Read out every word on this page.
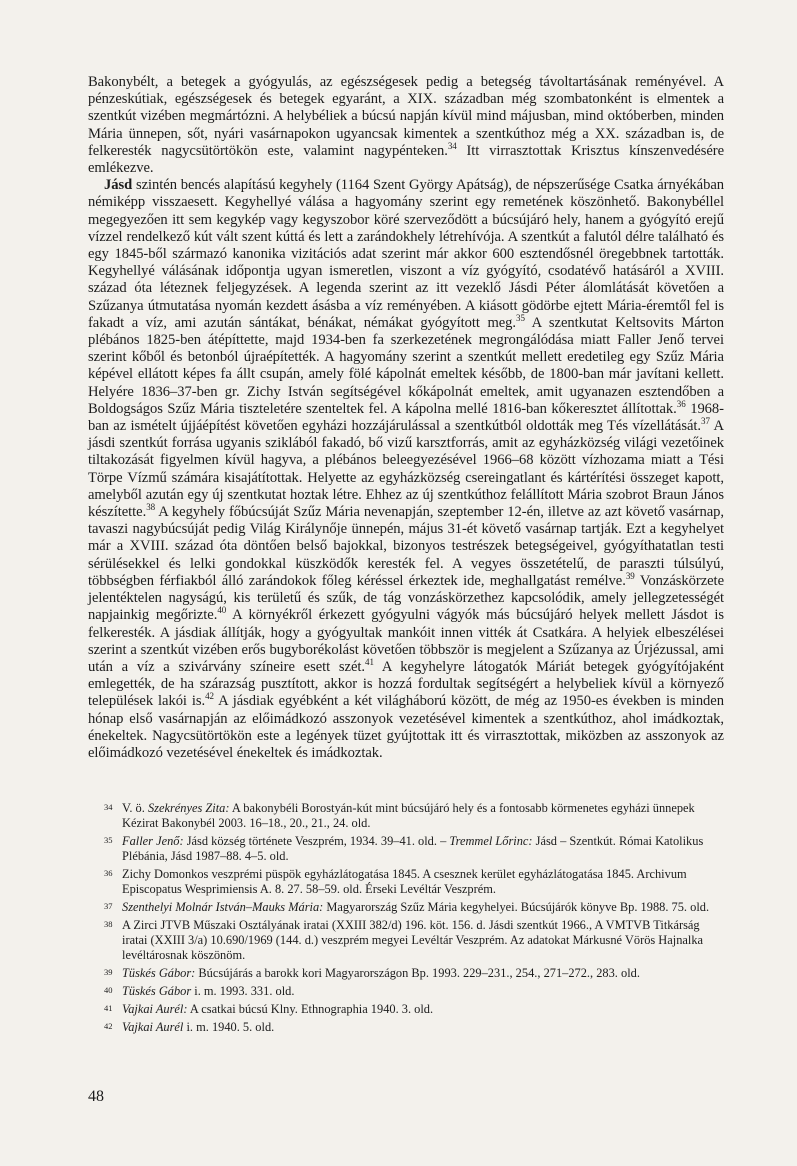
Bakonybélt, a betegek a gyógyulás, az egészségesek pedig a betegség távoltartásának reményével. A pénzeskútiak, egészségesek és betegek egyaránt, a XIX. században még szombatonként is elmentek a szentkút vizében megmártózni. A helybéliek a búcsú napján kívül mind májusban, mind októberben, minden Mária ünnepen, sőt, nyári vasárnapokon ugyancsak kimentek a szentkúthoz még a XX. században is, de felkeresték nagycsütörtökön este, valamint nagypénteken.$^{34}$ Itt virrasztottak Krisztus kínszenvedésére emlékezve.

Jásd szintén bencés alapítású kegyhely (1164 Szent György Apátság), de népszerűsége Csatka árnyékában némiképp visszaesett. Kegyhellyé válása a hagyomány szerint egy remetének köszönhető. Bakonybéllel megegyezően itt sem kegykép vagy kegyszobor köré szerveződött a búcsújáró hely, hanem a gyógyító erejű vízzel rendelkező kút vált szent kúttá és lett a zarándokhely létrehívója. A szentkút a falutól délre található és egy 1845-ből származó kanonika vizitációs adat szerint már akkor 600 esztendősnél öregebbnek tartották. Kegyhellyé válásának időpontja ugyan ismeretlen, viszont a víz gyógyító, csodatévő hatásáról a XVIII. század óta léteznek feljegyzések. A legenda szerint az itt vezeklő Jásdi Péter álomlátását követően a Szűzanya útmutatása nyomán kezdett ásásba a víz reményében. A kiásott gödörbe ejtett Mária-éremtől fel is fakadt a víz, ami azután sántákat, bénákat, némákat gyógyított meg.$^{35}$ A szentkutat Keltsovits Márton plébános 1825-ben átépíttette, majd 1934-ben fa szerkezetének megrongálódása miatt Faller Jenő tervei szerint kőből és betonból újraépítették. A hagyomány szerint a szentkút mellett eredetileg egy Szűz Mária képével ellátott képes fa állt csupán, amely fölé kápolnát emeltek később, de 1800-ban már javítani kellett. Helyére 1836–37-ben gr. Zichy István segítségével kőkápolnát emeltek, amit ugyanazen esztendőben a Boldogságos Szűz Mária tiszteletére szenteltek fel. A kápolna mellé 1816-ban kőkeresztet állítottak.$^{36}$ 1968-ban az ismételt újjáépítést követően egyházi hozzájárulással a szentkútból oldották meg Tés vízellátását.$^{37}$ A jásdi szentkút forrása ugyanis sziklából fakadó, bő vizű karsztforrás, amit az egyházközség világi vezetőinek tiltakozását figyelmen kívül hagyva, a plébános beleegyezésével 1966–68 között vízhozama miatt a Tési Törpe Vízmű számára kisajátítottak. Helyette az egyházközség csereingatlant és kártérítési összeget kapott, amelyből azután egy új szentkutat hoztak létre. Ehhez az új szentkúthoz felállított Mária szobrot Braun János készítette.$^{38}$ A kegyhely főbúcsúját Szűz Mária nevenapján, szeptember 12-én, illetve az azt követő vasárnap, tavaszi nagybúcsúját pedig Világ Királynője ünnepén, május 31-ét követő vasárnap tartják. Ezt a kegyhelyet már a XVIII. század óta döntően belső bajokkal, bizonyos testrészek betegségeivel, gyógyíthatatlan testi sérülésekkel és lelki gondokkal küszködők keresték fel. A vegyes összetételű, de paraszti túlsúlyú, többségben férfiakból álló zarándokok főleg kéréssel érkeztek ide, meghallgatást remélve.$^{39}$ Vonzáskörzete jelentéktelen nagyságú, kis területű és szűk, de tág vonzáskörzethez kapcsolódik, amely jellegzetességét napjainkig megőrizte.$^{40}$ A környékről érkezett gyógyulni vágyók más búcsújáró helyek mellett Jásdot is felkeresték. A jásdiak állítják, hogy a gyógyultak mankóit innen vitték át Csatkára. A helyiek elbeszélései szerint a szentkút vizében erős bugyborékolást követően többször is megjelent a Szűzanya az Úrjézussal, ami után a víz a szivárvány színeire esett szét.$^{41}$ A kegyhelyre látogatók Máriát betegek gyógyítójaként emlegették, de ha szárazság pusztított, akkor is hozzá fordultak segítségért a helybeliek kívül a környező települések lakói is.$^{42}$ A jásdiak egyébként a két világháború között, de még az 1950-es években is minden hónap első vasárnapján az előimádkozó asszonyok vezetésével kimentek a szentkúthoz, ahol imádkoztak, énekeltek. Nagycsütörtökön este a legények tüzet gyújtottak itt és virrasztottak, miközben az asszonyok az előimádkozó vezetésével énekeltek és imádkoztak.

34 V. ö. Szekrényes Zita: A bakonybéli Borostyán-kút mint búcsújáró hely és a fontosabb körmenetes egyházi ünnepek Kézirat Bakonybél 2003. 16–18., 20., 21., 24. old.
35 Faller Jenő: Jásd község története Veszprém, 1934. 39–41. old. – Tremmel Lőrinc: Jásd – Szentkút. Római Katolikus Plébánia, Jásd 1987–88. 4–5. old.
36 Zichy Domonkos veszprémi püspök egyházlátogatása 1845. A csesznek kerület egyházlátogatása 1845. Archivum Episcopatus Wesprimiensis A. 8. 27. 58–59. old. Érseki Levéltár Veszprém.
37 Szenthelyi Molnár István–Mauks Mária: Magyarország Szűz Mária kegyhelyei. Búcsújárók könyve Bp. 1988. 75. old.
38 A Zirci JTVB Műszaki Osztályának iratai (XXIII 382/d) 196. köt. 156. d. Jásdi szentkút 1966., A VMTVB Titkárság iratai (XXIII 3/a) 10.690/1969 (144. d.) veszprém megyei Levéltár Veszprém. Az adatokat Márkusné Vörös Hajnalka levéltárosnak köszönöm.
39 Tüskés Gábor: Búcsújárás a barokk kori Magyarországon Bp. 1993. 229–231., 254., 271–272., 283. old.
40 Tüskés Gábor i. m. 1993. 331. old.
41 Vajkai Aurél: A csatkai búcsú Klny. Ethnographia 1940. 3. old.
42 Vajkai Aurél i. m. 1940. 5. old.
48
